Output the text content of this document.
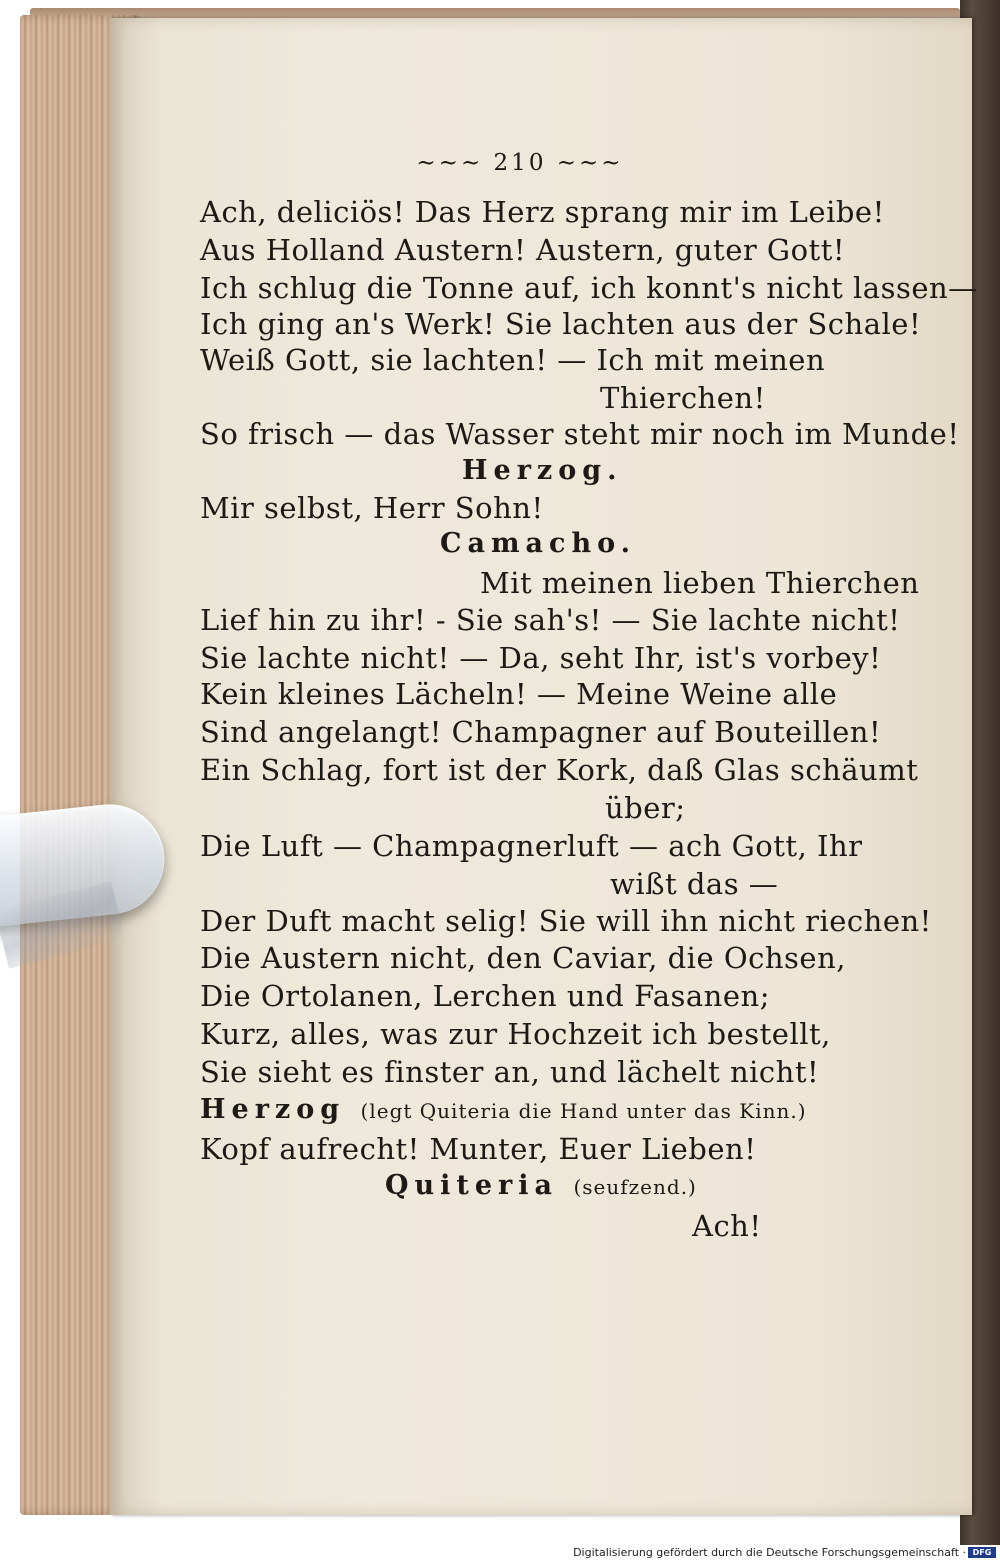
~~~ 210 ~~~
Ach, deliciös! Das Herz sprang mir im Leibe!
Aus Holland Austern! Austern, guter Gott!
Ich schlug die Tonne auf, ich konnt's nicht lassen—
Ich ging an's Werk! Sie lachten aus der Schale!
Weiß Gott, sie lachten! — Ich mit meinen
Thierchen!
So frisch — das Wasser steht mir noch im Munde!
Herzog.
Mir selbst, Herr Sohn!
Camacho.
Mit meinen lieben Thierchen
Lief hin zu ihr! - Sie sah's! — Sie lachte nicht!
Sie lachte nicht! — Da, seht Ihr, ist's vorbey!
Kein kleines Lächeln! — Meine Weine alle
Sind angelangt! Champagner auf Bouteillen!
Ein Schlag, fort ist der Kork, daß Glas schäumt
über;
Die Luft — Champagnerluft — ach Gott, Ihr
wißt das —
Der Duft macht selig! Sie will ihn nicht riechen!
Die Austern nicht, den Caviar, die Ochsen,
Die Ortolanen, Lerchen und Fasanen;
Kurz, alles, was zur Hochzeit ich bestellt,
Sie sieht es finster an, und lächelt nicht!
Herzog (legt Quiteria die Hand unter das Kinn.)
Kopf aufrecht! Munter, Euer Lieben!
Quiteria (seufzend.)
Ach!
Digitalisierung gefördert durch die Deutsche Forschungsgemeinschaft · DFG
